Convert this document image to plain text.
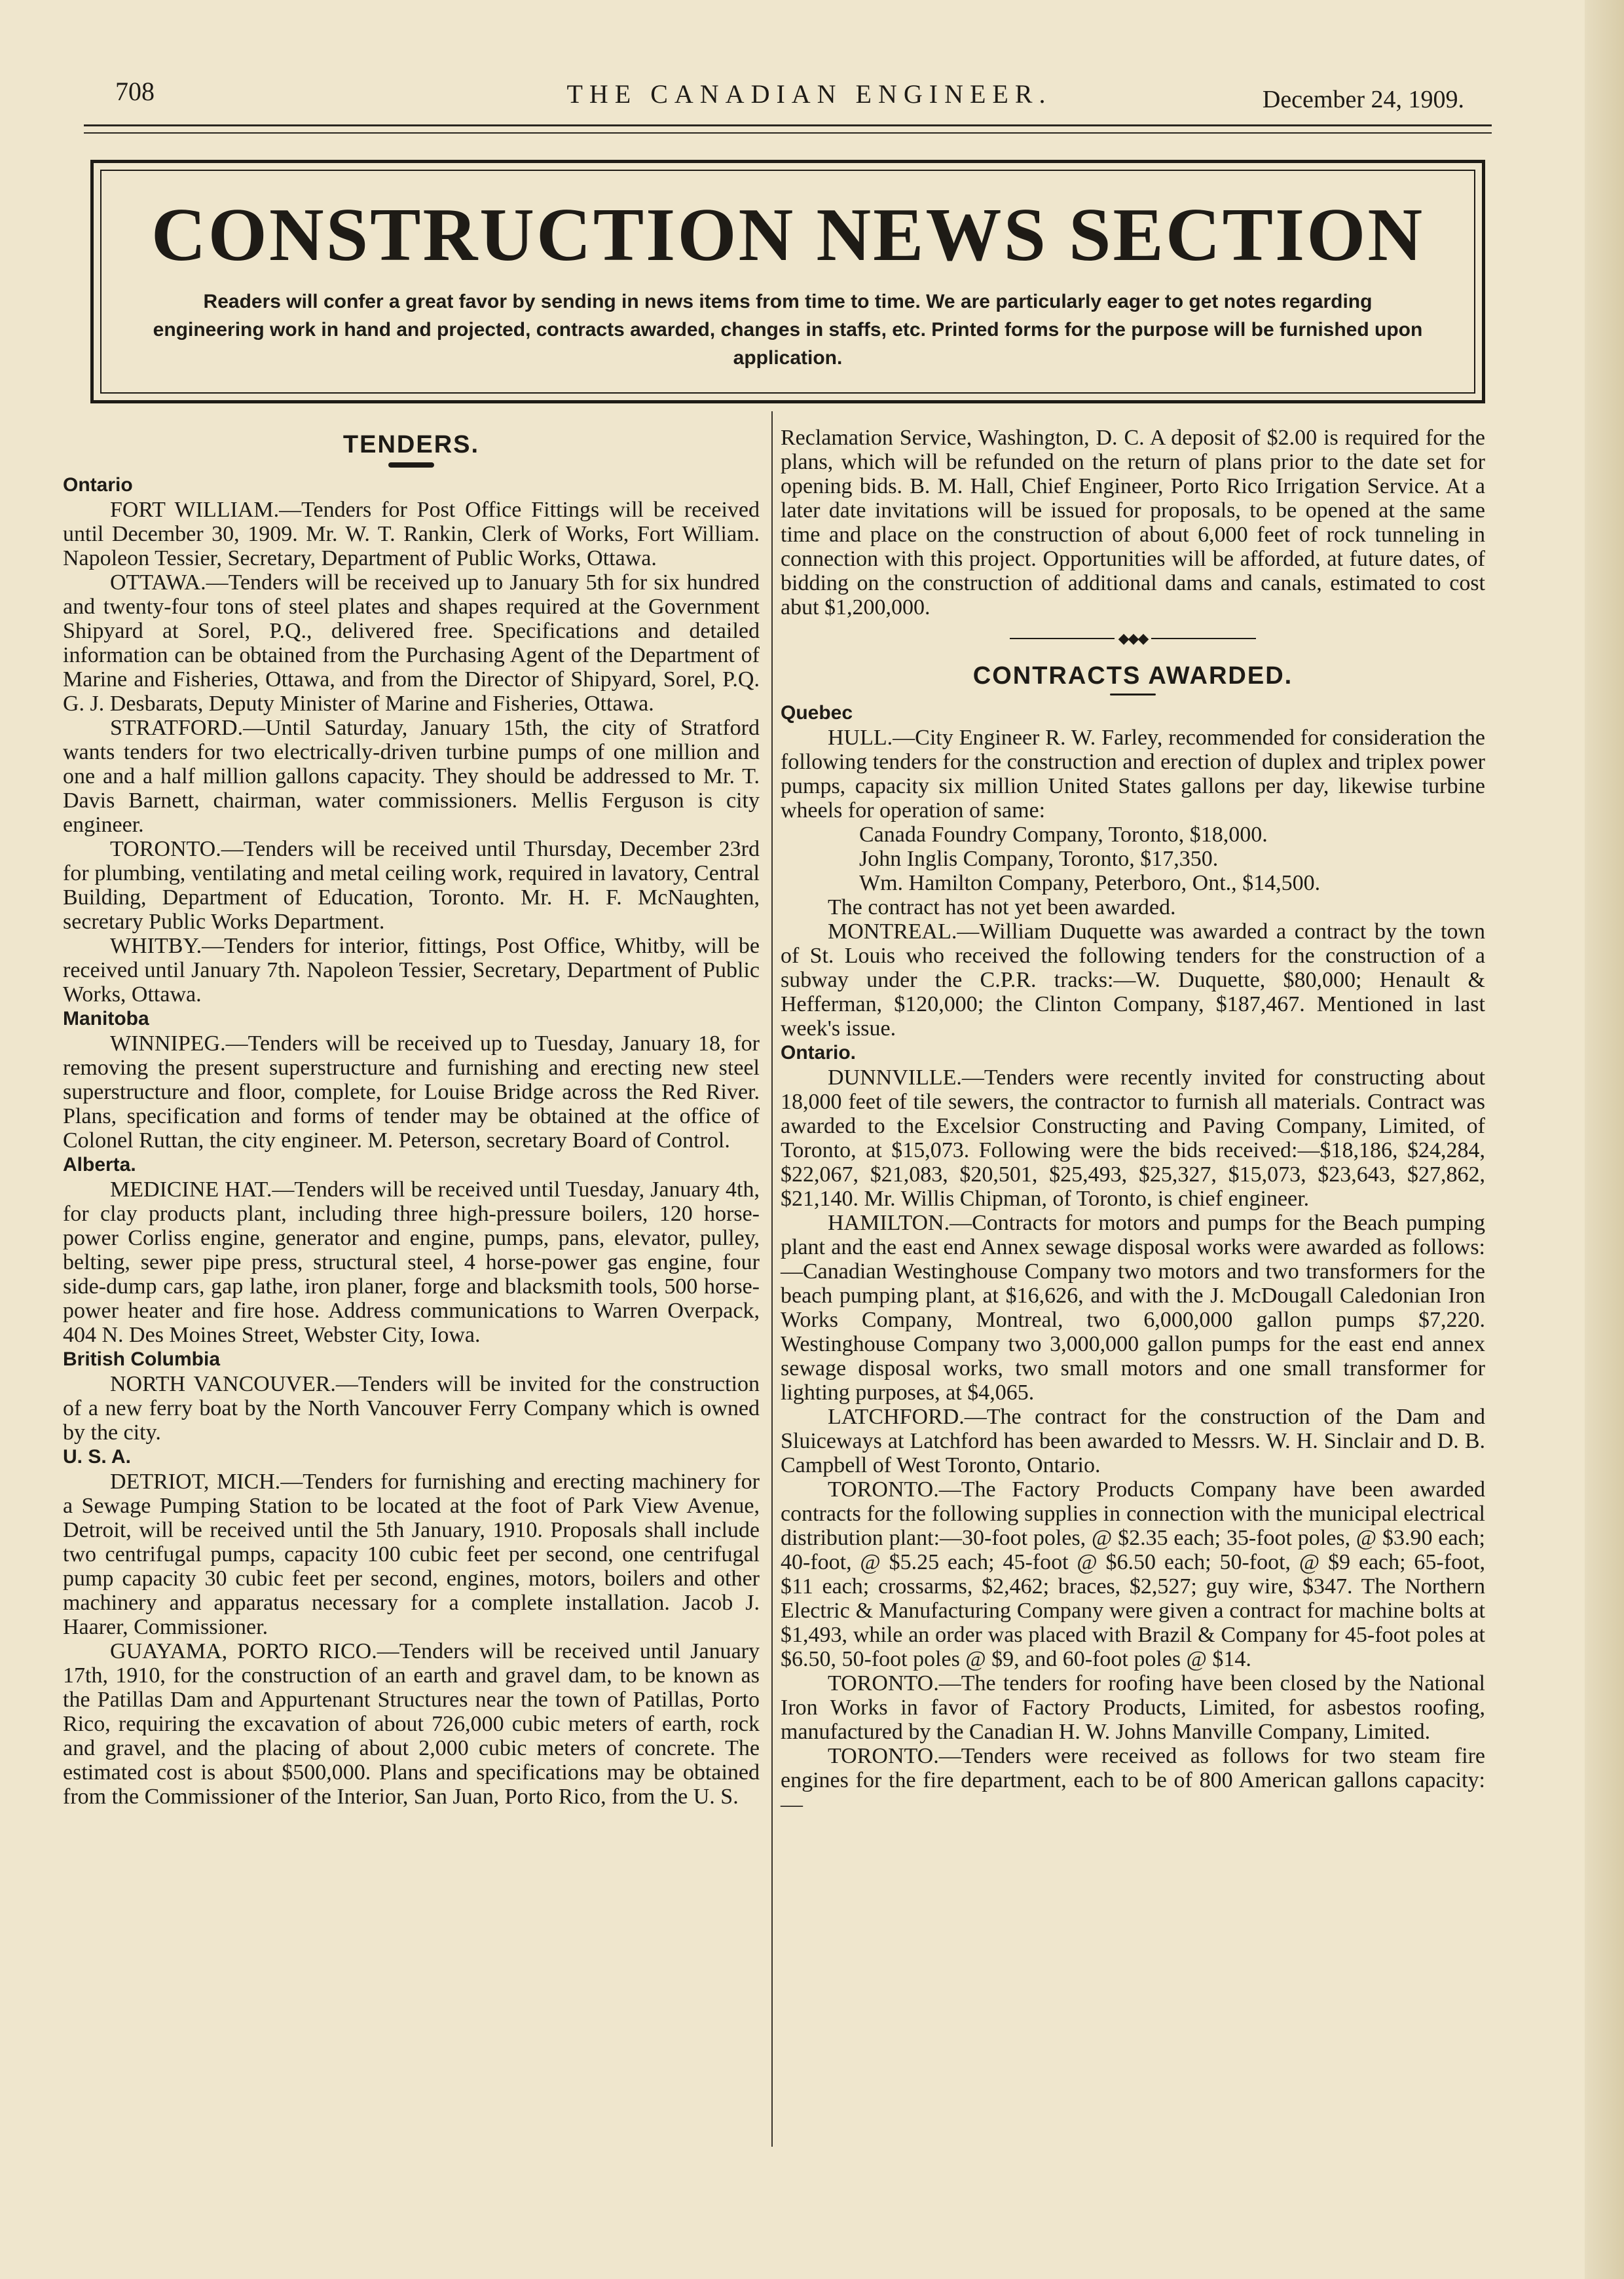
708	THE CANADIAN ENGINEER.	December 24, 1909.
CONSTRUCTION NEWS SECTION
Readers will confer a great favor by sending in news items from time to time. We are particularly eager to get notes regarding engineering work in hand and projected, contracts awarded, changes in staffs, etc. Printed forms for the purpose will be furnished upon application.
TENDERS.
Ontario

FORT WILLIAM.—Tenders for Post Office Fittings will be received until December 30, 1909. Mr. W. T. Rankin, Clerk of Works, Fort William. Napoleon Tessier, Secretary, Department of Public Works, Ottawa.

OTTAWA.—Tenders will be received up to January 5th for six hundred and twenty-four tons of steel plates and shapes required at the Government Shipyard at Sorel, P.Q., delivered free. Specifications and detailed information can be obtained from the Purchasing Agent of the Department of Marine and Fisheries, Ottawa, and from the Director of Shipyard, Sorel, P.Q. G. J. Desbarats, Deputy Minister of Marine and Fisheries, Ottawa.

STRATFORD.—Until Saturday, January 15th, the city of Stratford wants tenders for two electrically-driven turbine pumps of one million and one and a half million gallons capacity. They should be addressed to Mr. T. Davis Barnett, chairman, water commissioners. Mellis Ferguson is city engineer.

TORONTO.—Tenders will be received until Thursday, December 23rd for plumbing, ventilating and metal ceiling work, required in lavatory, Central Building, Department of Education, Toronto. Mr. H. F. McNaughten, secretary Public Works Department.

WHITBY.—Tenders for interior, fittings, Post Office, Whitby, will be received until January 7th. Napoleon Tessier, Secretary, Department of Public Works, Ottawa.

Manitoba

WINNIPEG.—Tenders will be received up to Tuesday, January 18, for removing the present superstructure and furnishing and erecting new steel superstructure and floor, complete, for Louise Bridge across the Red River. Plans, specification and forms of tender may be obtained at the office of Colonel Ruttan, the city engineer. M. Peterson, secretary Board of Control.

Alberta.

MEDICINE HAT.—Tenders will be received until Tuesday, January 4th, for clay products plant, including three high-pressure boilers, 120 horse-power Corliss engine, generator and engine, pumps, pans, elevator, pulley, belting, sewer pipe press, structural steel, 4 horse-power gas engine, four side-dump cars, gap lathe, iron planer, forge and blacksmith tools, 500 horse-power heater and fire hose. Address communications to Warren Overpack, 404 N. Des Moines Street, Webster City, Iowa.

British Columbia

NORTH VANCOUVER.—Tenders will be invited for the construction of a new ferry boat by the North Vancouver Ferry Company which is owned by the city.

U. S. A.

DETRIOT, MICH.—Tenders for furnishing and erecting machinery for a Sewage Pumping Station to be located at the foot of Park View Avenue, Detroit, will be received until the 5th January, 1910. Proposals shall include two centrifugal pumps, capacity 100 cubic feet per second, one centrifugal pump capacity 30 cubic feet per second, engines, motors, boilers and other machinery and apparatus necessary for a complete installation. Jacob J. Haarer, Commissioner.

GUAYAMA, PORTO RICO.—Tenders will be received until January 17th, 1910, for the construction of an earth and gravel dam, to be known as the Patillas Dam and Appurtenant Structures near the town of Patillas, Porto Rico, requiring the excavation of about 726,000 cubic meters of earth, rock and gravel, and the placing of about 2,000 cubic meters of concrete. The estimated cost is about $500,000. Plans and specifications may be obtained from the Commissioner of the Interior, San Juan, Porto Rico, from the U. S.

Reclamation Service, Washington, D. C. A deposit of $2.00 is required for the plans, which will be refunded on the return of plans prior to the date set for opening bids. B. M. Hall, Chief Engineer, Porto Rico Irrigation Service. At a later date invitations will be issued for proposals, to be opened at the same time and place on the construction of about 6,000 feet of rock tunneling in connection with this project. Opportunities will be afforded, at future dates, of bidding on the construction of additional dams and canals, estimated to cost abut $1,200,000.

◆◆◆
CONTRACTS AWARDED.
Quebec

HULL.—City Engineer R. W. Farley, recommended for consideration the following tenders for the construction and erection of duplex and triplex power pumps, capacity six million United States gallons per day, likewise turbine wheels for operation of same:

Canada Foundry Company, Toronto, $18,000.

John Inglis Company, Toronto, $17,350.

Wm. Hamilton Company, Peterboro, Ont., $14,500.

The contract has not yet been awarded.

MONTREAL.—William Duquette was awarded a contract by the town of St. Louis who received the following tenders for the construction of a subway under the C.P.R. tracks:—W. Duquette, $80,000; Henault & Hefferman, $120,000; the Clinton Company, $187,467. Mentioned in last week's issue.

Ontario.

DUNNVILLE.—Tenders were recently invited for constructing about 18,000 feet of tile sewers, the contractor to furnish all materials. Contract was awarded to the Excelsior Constructing and Paving Company, Limited, of Toronto, at $15,073. Following were the bids received:—$18,186, $24,284, $22,067, $21,083, $20,501, $25,493, $25,327, $15,073, $23,643, $27,862, $21,140. Mr. Willis Chipman, of Toronto, is chief engineer.

HAMILTON.—Contracts for motors and pumps for the Beach pumping plant and the east end Annex sewage disposal works were awarded as follows:—Canadian Westinghouse Company two motors and two transformers for the beach pumping plant, at $16,626, and with the J. McDougall Caledonian Iron Works Company, Montreal, two 6,000,000 gallon pumps $7,220. Westinghouse Company two 3,000,000 gallon pumps for the east end annex sewage disposal works, two small motors and one small transformer for lighting purposes, at $4,065.

LATCHFORD.—The contract for the construction of the Dam and Sluiceways at Latchford has been awarded to Messrs. W. H. Sinclair and D. B. Campbell of West Toronto, Ontario.

TORONTO.—The Factory Products Company have been awarded contracts for the following supplies in connection with the municipal electrical distribution plant:—30-foot poles, @ $2.35 each; 35-foot poles, @ $3.90 each; 40-foot, @ $5.25 each; 45-foot @ $6.50 each; 50-foot, @ $9 each; 65-foot, $11 each; crossarms, $2,462; braces, $2,527; guy wire, $347. The Northern Electric & Manufacturing Company were given a contract for machine bolts at $1,493, while an order was placed with Brazil & Company for 45-foot poles at $6.50, 50-foot poles @ $9, and 60-foot poles @ $14.

TORONTO.—The tenders for roofing have been closed by the National Iron Works in favor of Factory Products, Limited, for asbestos roofing, manufactured by the Canadian H. W. Johns Manville Company, Limited.

TORONTO.—Tenders were received as follows for two steam fire engines for the fire department, each to be of 800 American gallons capacity:—
